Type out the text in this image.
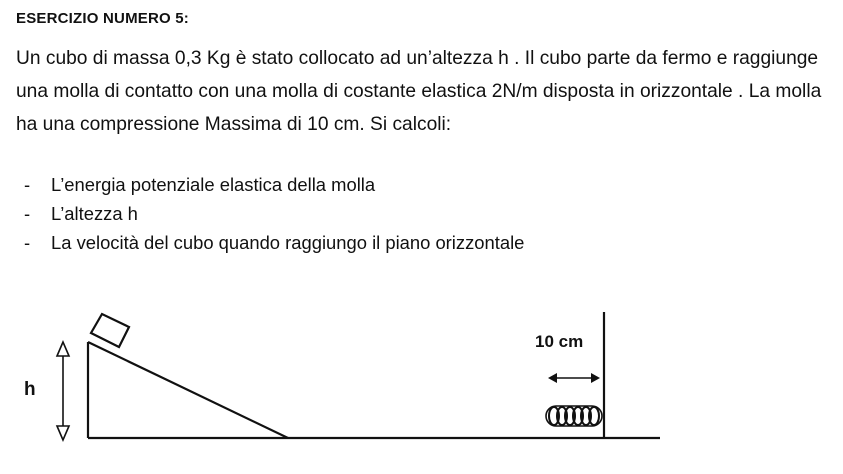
ESERCIZIO NUMERO 5:
Un cubo di massa 0,3 Kg è stato collocato ad un’altezza h . Il cubo parte da fermo e raggiunge una molla di contatto con una molla di costante elastica 2N/m disposta in orizzontale . La molla ha una compressione Massima di 10 cm. Si calcoli:
- L’energia potenziale elastica della molla
- L’altezza h
- La velocità del cubo quando raggiungo il piano orizzontale
h
10 cm
